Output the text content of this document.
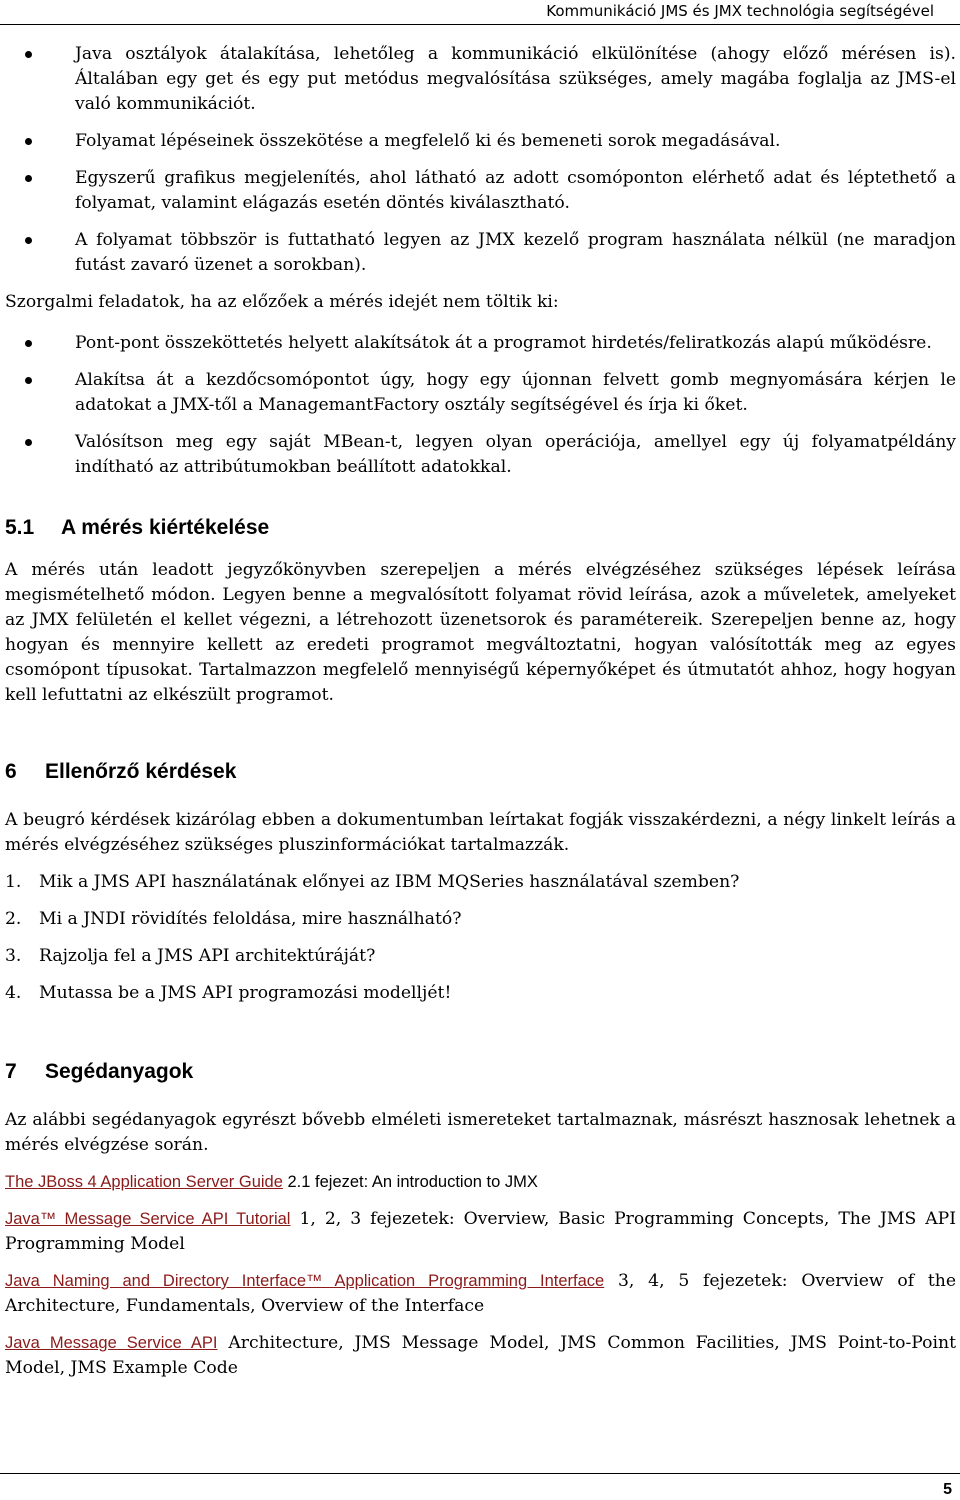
Kommunikáció JMS és JMX technológia segítségével
Java osztályok átalakítása, lehetőleg a kommunikáció elkülönítése (ahogy előző mérésen is). Általában egy get és egy put metódus megvalósítása szükséges, amely magába foglalja az JMS-el való kommunikációt.
Folyamat lépéseinek összekötése a megfelelő ki és bemeneti sorok megadásával.
Egyszerű grafikus megjelenítés, ahol látható az adott csomóponton elérhető adat és léptethető a folyamat, valamint elágazás esetén döntés kiválasztható.
A folyamat többször is futtatható legyen az JMX kezelő program használata nélkül (ne maradjon futást zavaró üzenet a sorokban).

Szorgalmi feladatok, ha az előzőek a mérés idejét nem töltik ki:

Pont-pont összeköttetés helyett alakítsátok át a programot hirdetés/feliratkozás alapú működésre.
Alakítsa át a kezdőcsomópontot úgy, hogy egy újonnan felvett gomb megnyomására kérjen le adatokat a JMX-től a ManagemantFactory osztály segítségével és írja ki őket.
Valósítson meg egy saját MBean-t, legyen olyan operációja, amellyel egy új folyamatpéldány indítható az attribútumokban beállított adatokkal.
5.1 A mérés kiértékelése

A mérés után leadott jegyzőkönyvben szerepeljen a mérés elvégzéséhez szükséges lépések leírása megismételhető módon. Legyen benne a megvalósított folyamat rövid leírása, azok a műveletek, amelyeket az JMX felületén el kellet végezni, a létrehozott üzenetsorok és paramétereik. Szerepeljen benne az, hogy hogyan és mennyire kellett az eredeti programot megváltoztatni, hogyan valósították meg az egyes csomópont típusokat. Tartalmazzon megfelelő mennyiségű képernyőképet és útmutatót ahhoz, hogy hogyan kell lefuttatni az elkészült programot.

6 Ellenőrző kérdések

A beugró kérdések kizárólag ebben a dokumentumban leírtakat fogják visszakérdezni, a négy linkelt leírás a mérés elvégzéséhez szükséges pluszinformációkat tartalmazzák.

1. Mik a JMS API használatának előnyei az IBM MQSeries használatával szemben?
2. Mi a JNDI rövidítés feloldása, mire használható?
3. Rajzolja fel a JMS API architektúráját?
4. Mutassa be a JMS API programozási modelljét!
7 Segédanyagok

Az alábbi segédanyagok egyrészt bővebb elméleti ismereteket tartalmaznak, másrészt hasznosak lehetnek a mérés elvégzése során.

The JBoss 4 Application Server Guide 2.1 fejezet: An introduction to JMX

Java™ Message Service API Tutorial 1, 2, 3 fejezetek: Overview, Basic Programming Concepts, The JMS API Programming Model

Java Naming and Directory Interface™ Application Programming Interface 3, 4, 5 fejezetek: Overview of the Architecture, Fundamentals, Overview of the Interface

Java Message Service API Architecture, JMS Message Model, JMS Common Facilities, JMS Point-to-Point Model, JMS Example Code

5
